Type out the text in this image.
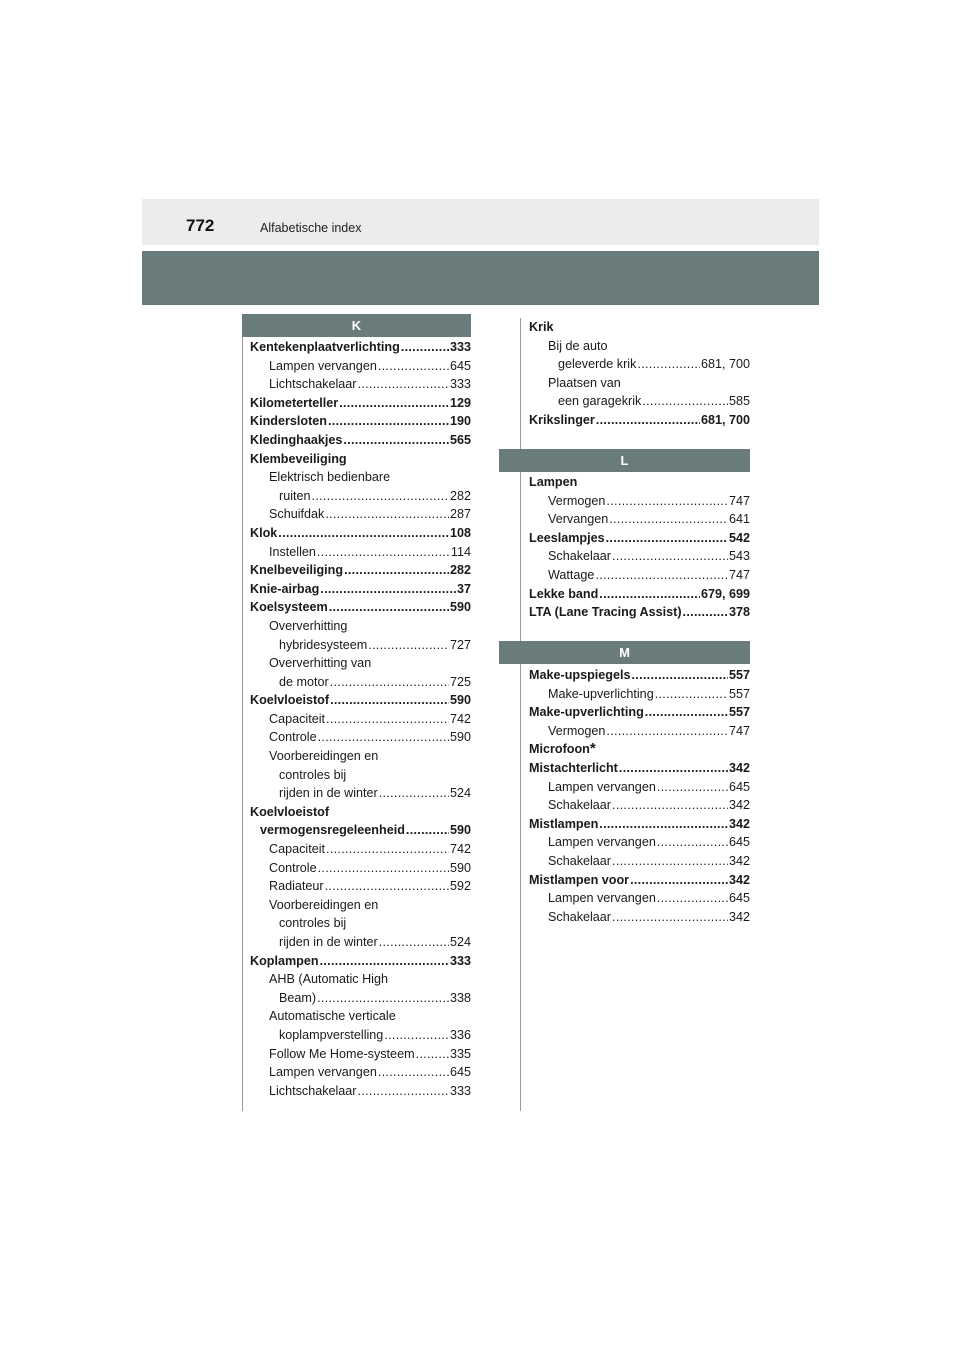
772	Alfabetische index
K
L
M
Kentekenplaatverlichting .....	333
Lampen vervangen .....	645
Lichtschakelaar .....	333
Kilometerteller .....	129
Kindersloten .....	190
Kledinghaakjes .....	565
Klembeveiliging
Elektrisch bedienbare
ruiten .....	282
Schuifdak .....	287
Klok .....	108
Instellen .....	114
Knelbeveiliging .....	282
Knie-airbag .....	37
Koelsysteem .....	590
Oververhitting
hybridesysteem .....	727
Oververhitting van
de motor .....	725
Koelvloeistof .....	590
Capaciteit .....	742
Controle .....	590
Voorbereidingen en
controles bij
rijden in de winter .....	524
Koelvloeistof
vermogensregeleenheid .....	590
Capaciteit .....	742
Controle .....	590
Radiateur .....	592
Voorbereidingen en
controles bij
rijden in de winter .....	524
Koplampen .....	333
AHB (Automatic High
Beam) .....	338
Automatische verticale
koplampverstelling .....	336
Follow Me Home-systeem .....	335
Lampen vervangen .....	645
Lichtschakelaar .....	333
Krik
Bij de auto
geleverde krik .....	681, 700
Plaatsen van
een garagekrik .....	585
Krikslinger .....	681, 700
Lampen
Vermogen .....	747
Vervangen .....	641
Leeslampjes .....	542
Schakelaar .....	543
Wattage .....	747
Lekke band .....	679, 699
LTA (Lane Tracing Assist) .....	378
Make-upspiegels .....	557
Make-upverlichting .....	557
Make-upverlichting .....	557
Vermogen .....	747
Microfoon *
Mistachterlicht .....	342
Lampen vervangen .....	645
Schakelaar .....	342
Mistlampen .....	342
Lampen vervangen .....	645
Schakelaar .....	342
Mistlampen voor .....	342
Lampen vervangen .....	645
Schakelaar .....	342
